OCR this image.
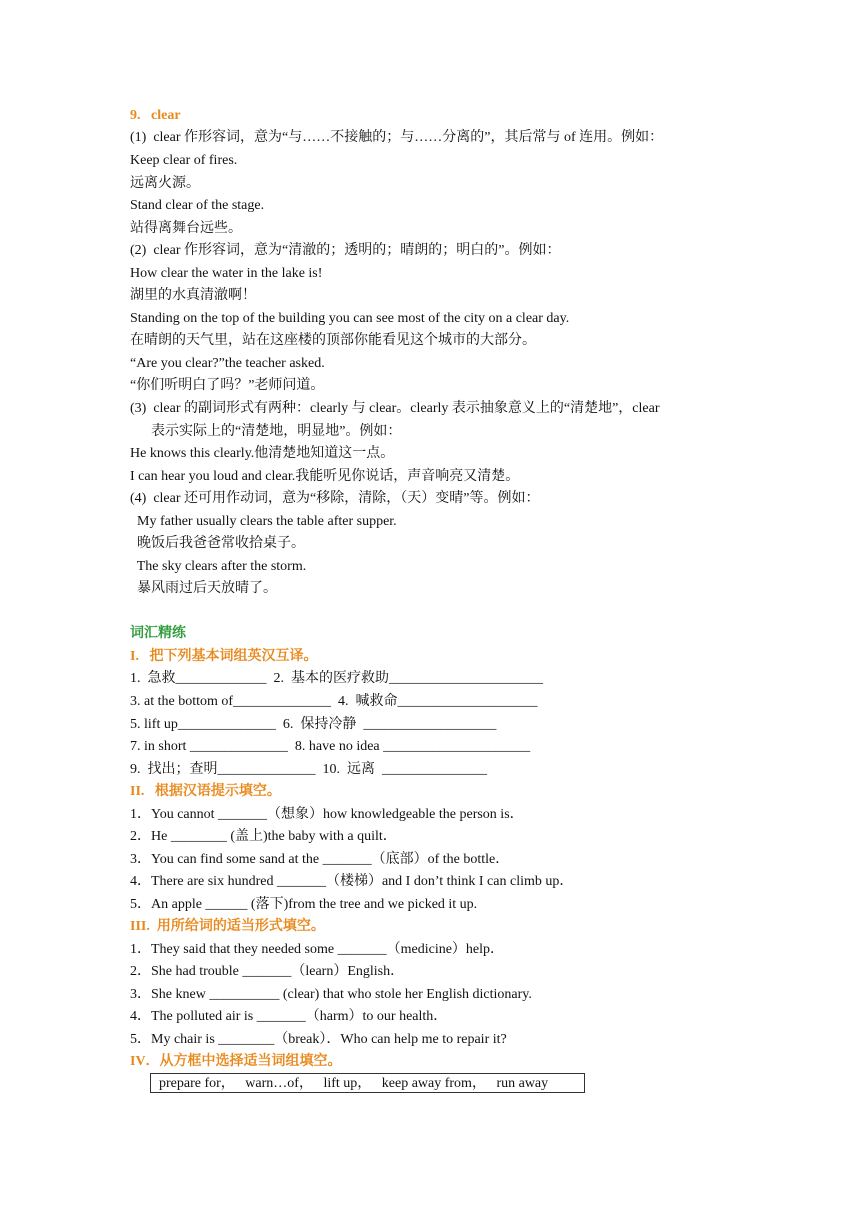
9.   clear
(1)  clear 作形容词，意为“与……不接触的；与……分离的”，其后常与 of 连用。例如：
Keep clear of fires.
远离火源。
Stand clear of the stage.
站得离舞台远些。
(2)  clear 作形容词，意为“清澈的；透明的；晴朗的；明白的”。例如：
How clear the water in the lake is!
湖里的水真清澈啊！
Standing on the top of the building you can see most of the city on a clear day.
在晴朗的天气里，站在这座楼的顶部你能看见这个城市的大部分。
“Are you clear?”the teacher asked.
“你们听明白了吗？”老师问道。
(3)  clear 的副词形式有两种：clearly 与 clear。clearly 表示抽象意义上的“清楚地”，clear
表示实际上的“清楚地，明显地”。例如：
He knows this clearly.他清楚地知道这一点。
I can hear you loud and clear.我能听见你说话，声音响亮又清楚。
(4)  clear 还可用作动词，意为“移除，清除，（天）变晴”等。例如：
My father usually clears the table after supper.
晚饭后我爸爸常收拾桌子。
The sky clears after the storm.
暴风雨过后天放晴了。
词汇精练
I.   把下列基本词组英汉互译。
1.  急救_____________  2.  基本的医疗救助______________________
3. at the bottom of______________  4.  喊救命____________________
5. lift up______________  6.  保持冷静  ___________________
7. in short ______________  8. have no idea _____________________
9.  找出；查明______________  10.  远离  _______________
II.   根据汉语提示填空。
1．You cannot _______（想象）how knowledgeable the person is．
2．He ________ (盖上)the baby with a quilt．
3．You can find some sand at the _______（底部）of the bottle．
4．There are six hundred _______（楼梯）and I don’t think I can climb up．
5．An apple ______ (落下)from the tree and we picked it up.
III.  用所给词的适当形式填空。
1．They said that they needed some _______（medicine）help．
2．She had trouble _______（learn）English．
3．She knew __________ (clear) that who stole her English dictionary.
4．The polluted air is _______（harm）to our health．
5．My chair is ________（break）．Who can help me to repair it?
IV．从方框中选择适当词组填空。
prepare for，   warn…of，   lift up，   keep away from，   run away
